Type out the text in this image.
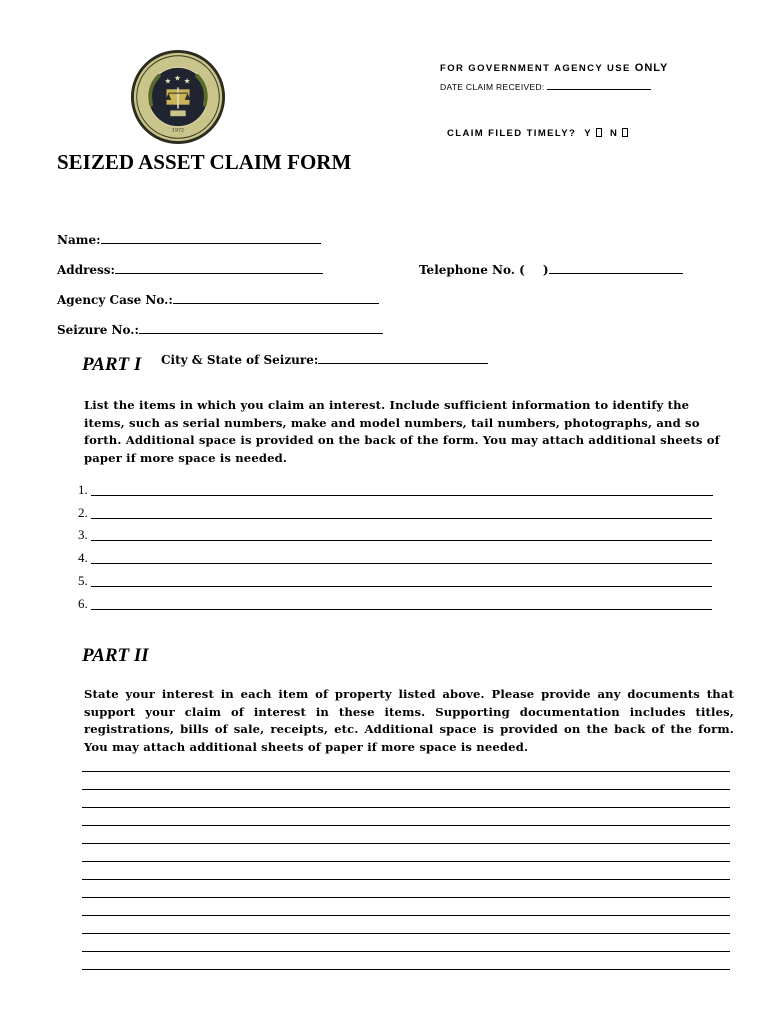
★ ★ ★
1972
FOR GOVERNMENT AGENCY USE ONLY
DATE CLAIM RECEIVED:
CLAIM FILED TIMELY? Y N
SEIZED ASSET CLAIM FORM
Name:
Address:	Telephone No. ( )
Agency Case No.:
Seizure No.:
PART I City & State of Seizure:
List the items in which you claim an interest. Include sufficient information to identify the items, such as serial numbers, make and model numbers, tail numbers, photographs, and so forth. Additional space is provided on the back of the form. You may attach additional sheets of paper if more space is needed.
1.
2.
3.
4.
5.
6.
PART II
State your interest in each item of property listed above. Please provide any documents that support your claim of interest in these items. Supporting documentation includes titles, registrations, bills of sale, receipts, etc. Additional space is provided on the back of the form. You may attach additional sheets of paper if more space is needed.
